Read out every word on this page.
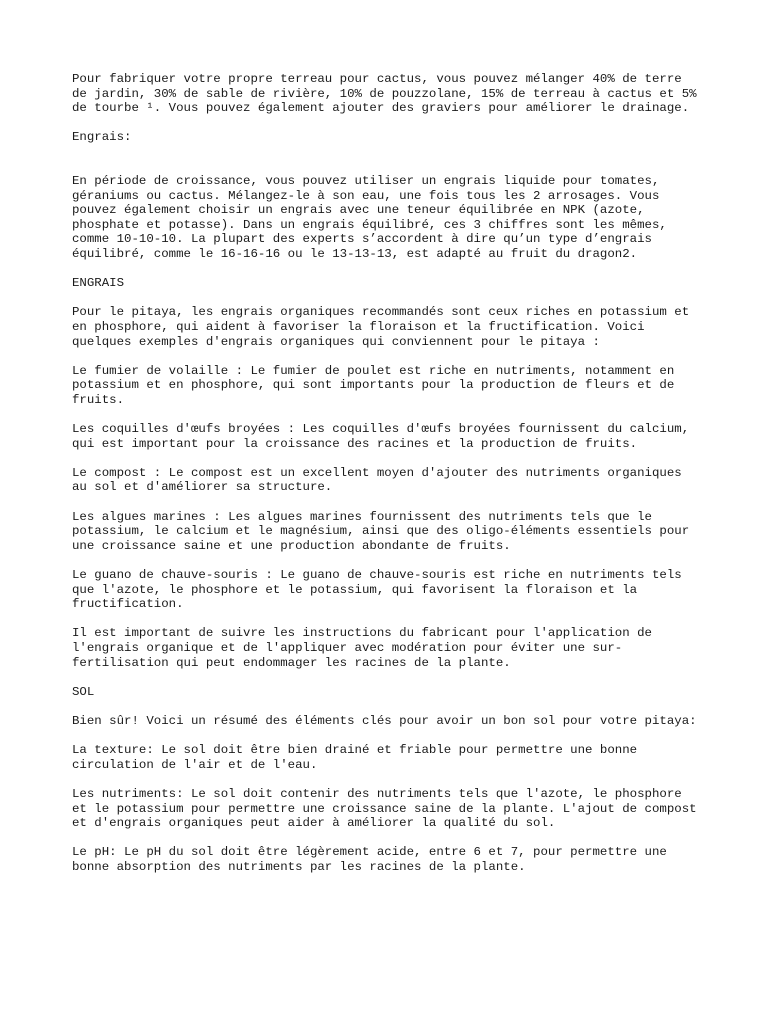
Pour fabriquer votre propre terreau pour cactus, vous pouvez mélanger 40% de terre de jardin, 30% de sable de rivière, 10% de pouzzolane, 15% de terreau à cactus et 5% de tourbe ¹. Vous pouvez également ajouter des graviers pour améliorer le drainage.

Engrais:

En période de croissance, vous pouvez utiliser un engrais liquide pour tomates, géraniums ou cactus. Mélangez-le à son eau, une fois tous les 2 arrosages. Vous pouvez également choisir un engrais avec une teneur équilibrée en NPK (azote, phosphate et potasse). Dans un engrais équilibré, ces 3 chiffres sont les mêmes, comme 10-10-10. La plupart des experts s’accordent à dire qu’un type d’engrais équilibré, comme le 16-16-16 ou le 13-13-13, est adapté au fruit du dragon2.

ENGRAIS

Pour le pitaya, les engrais organiques recommandés sont ceux riches en potassium et en phosphore, qui aident à favoriser la floraison et la fructification. Voici quelques exemples d'engrais organiques qui conviennent pour le pitaya :

Le fumier de volaille : Le fumier de poulet est riche en nutriments, notamment en potassium et en phosphore, qui sont importants pour la production de fleurs et de fruits.

Les coquilles d'œufs broyées : Les coquilles d'œufs broyées fournissent du calcium, qui est important pour la croissance des racines et la production de fruits.

Le compost : Le compost est un excellent moyen d'ajouter des nutriments organiques au sol et d'améliorer sa structure.

Les algues marines : Les algues marines fournissent des nutriments tels que le potassium, le calcium et le magnésium, ainsi que des oligo-éléments essentiels pour une croissance saine et une production abondante de fruits.

Le guano de chauve-souris : Le guano de chauve-souris est riche en nutriments tels que l'azote, le phosphore et le potassium, qui favorisent la floraison et la fructification.

Il est important de suivre les instructions du fabricant pour l'application de l'engrais organique et de l'appliquer avec modération pour éviter une sur-fertilisation qui peut endommager les racines de la plante.

SOL

Bien sûr! Voici un résumé des éléments clés pour avoir un bon sol pour votre pitaya:

La texture: Le sol doit être bien drainé et friable pour permettre une bonne circulation de l'air et de l'eau.

Les nutriments: Le sol doit contenir des nutriments tels que l'azote, le phosphore et le potassium pour permettre une croissance saine de la plante. L'ajout de compost et d'engrais organiques peut aider à améliorer la qualité du sol.

Le pH: Le pH du sol doit être légèrement acide, entre 6 et 7, pour permettre une bonne absorption des nutriments par les racines de la plante.
